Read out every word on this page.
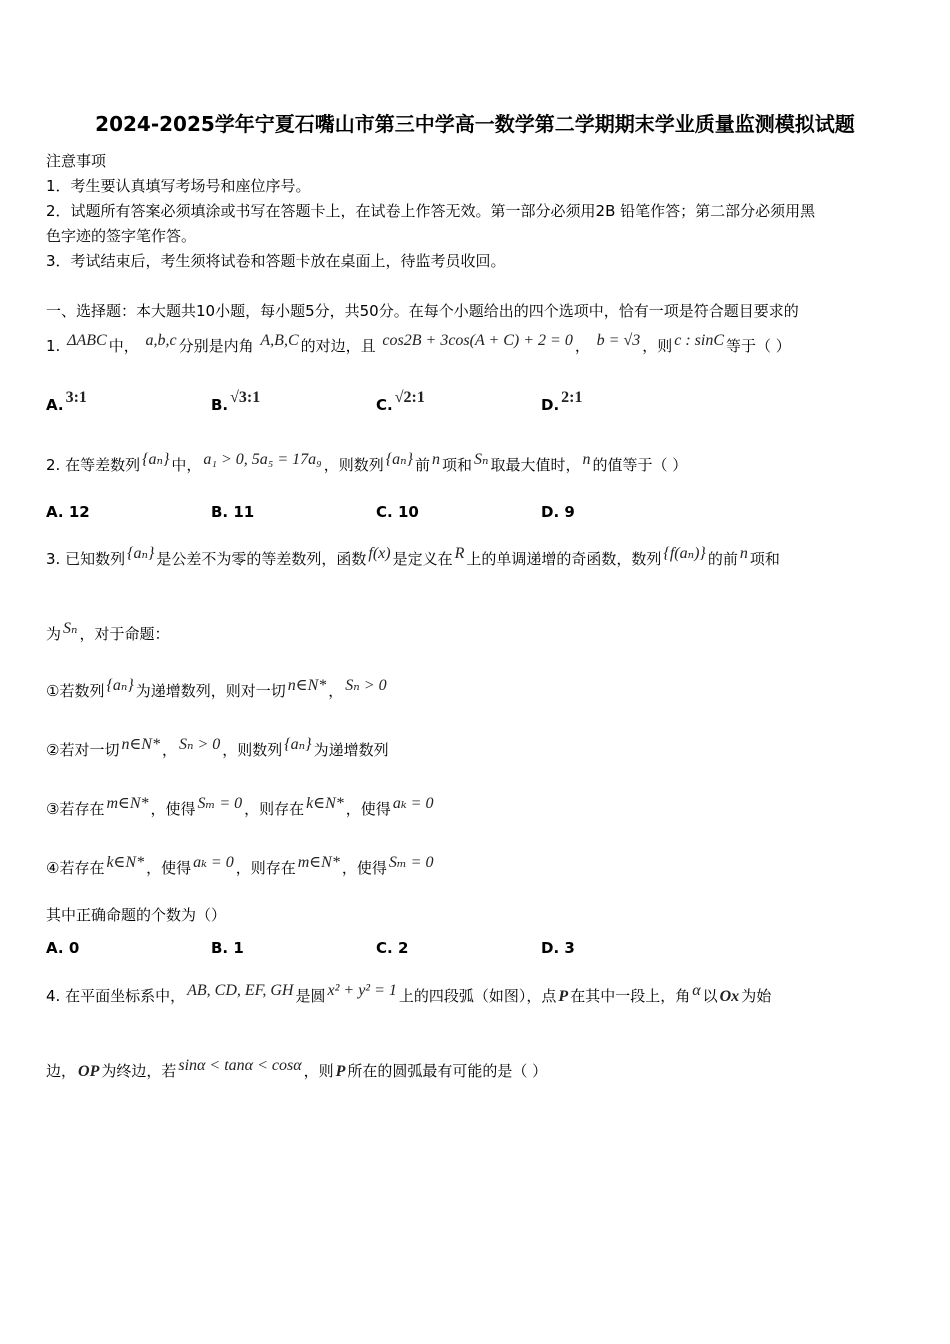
2024-2025学年宁夏石嘴山市第三中学高一数学第二学期期末学业质量监测模拟试题
注意事项
1．考生要认真填写考场号和座位序号。
2．试题所有答案必须填涂或书写在答题卡上，在试卷上作答无效。第一部分必须用2B 铅笔作答；第二部分必须用黑
色字迹的签字笔作答。
3．考试结束后，考生须将试卷和答题卡放在桌面上，待监考员收回。
一、选择题：本大题共10小题，每小题5分，共50分。在每个小题给出的四个选项中，恰有一项是符合题目要求的
1. ΔABC 中， a,b,c 分别是内角 A,B,C 的对边，且 cos2B + 3cos(A + C) + 2 = 0 ， b = √3 ，则 c : sinC 等于（ ）
A. 3:1	B. √3:1	C. √2:1	D. 2:1
2. 在等差数列 {aₙ} 中， a₁ > 0, 5a₅ = 17a₉ ，则数列 {aₙ} 前 n 项和 Sₙ 取最大值时， n 的值等于（ ）
A. 12	B. 11	C. 10	D. 9
3. 已知数列 {aₙ} 是公差不为零的等差数列，函数 f(x) 是定义在 R 上的单调递增的奇函数，数列 {f(aₙ)} 的前 n 项和
为 Sₙ ，对于命题：
①若数列 {aₙ} 为递增数列，则对一切 n∈N* ， Sₙ > 0
②若对一切 n∈N* ， Sₙ > 0 ，则数列 {aₙ} 为递增数列
③若存在 m∈N* ，使得 Sₘ = 0 ，则存在 k∈N* ，使得 aₖ = 0
④若存在 k∈N* ，使得 aₖ = 0 ，则存在 m∈N* ，使得 Sₘ = 0
其中正确命题的个数为（）
A. 0	B. 1	C. 2	D. 3
4. 在平面坐标系中， AB, CD, EF, GH 是圆 x² + y² = 1 上的四段弧（如图），点 P 在其中一段上，角 α 以 Ox 为始
边， OP 为终边，若 sinα < tanα < cosα ，则 P 所在的圆弧最有可能的是（ ）
